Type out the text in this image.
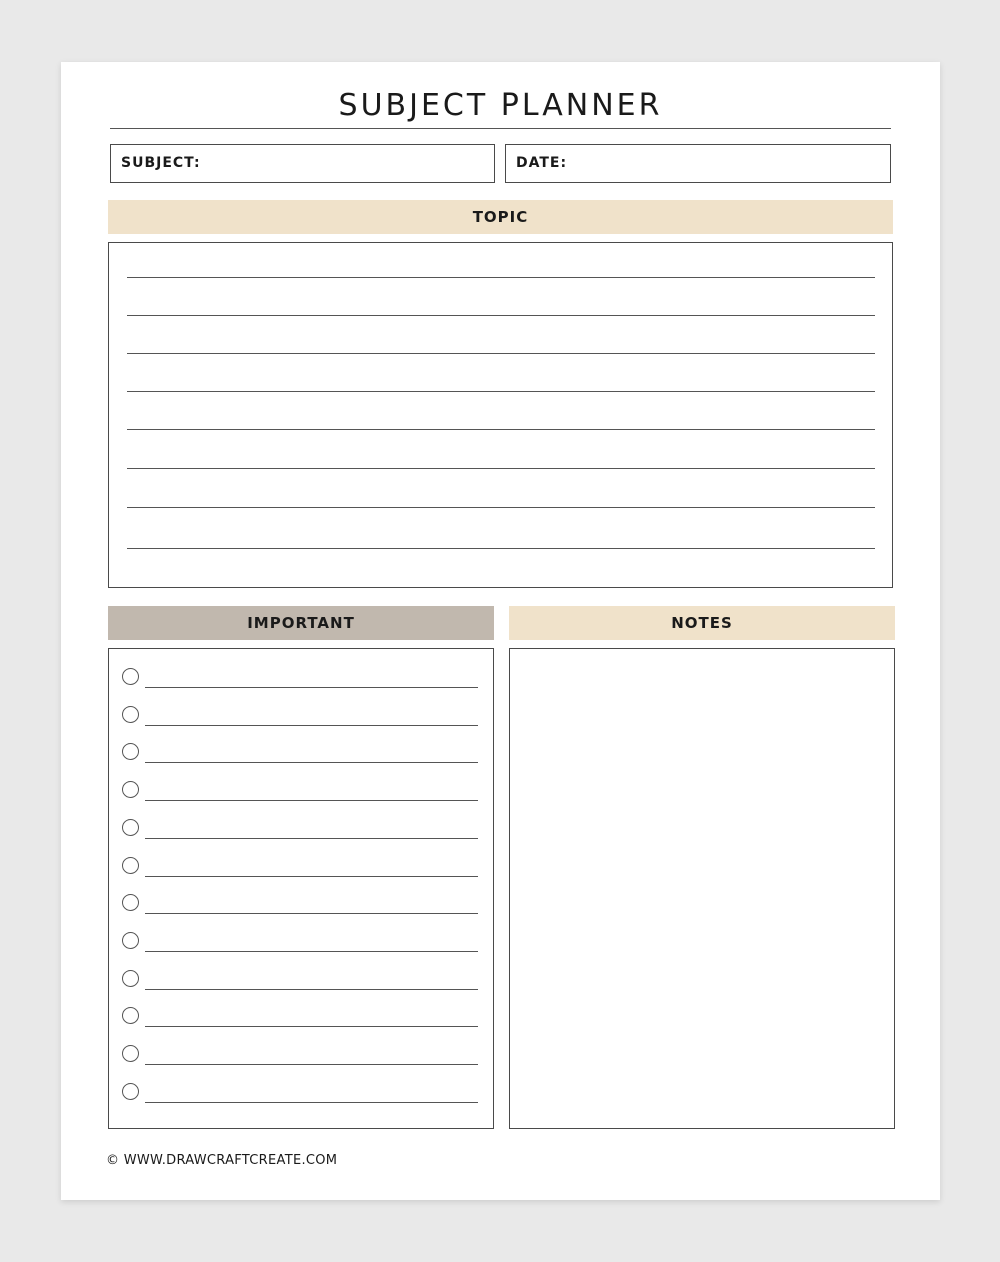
SUBJECT PLANNER
SUBJECT:	DATE:
TOPIC
IMPORTANT	NOTES
© WWW.DRAWCRAFTCREATE.COM
